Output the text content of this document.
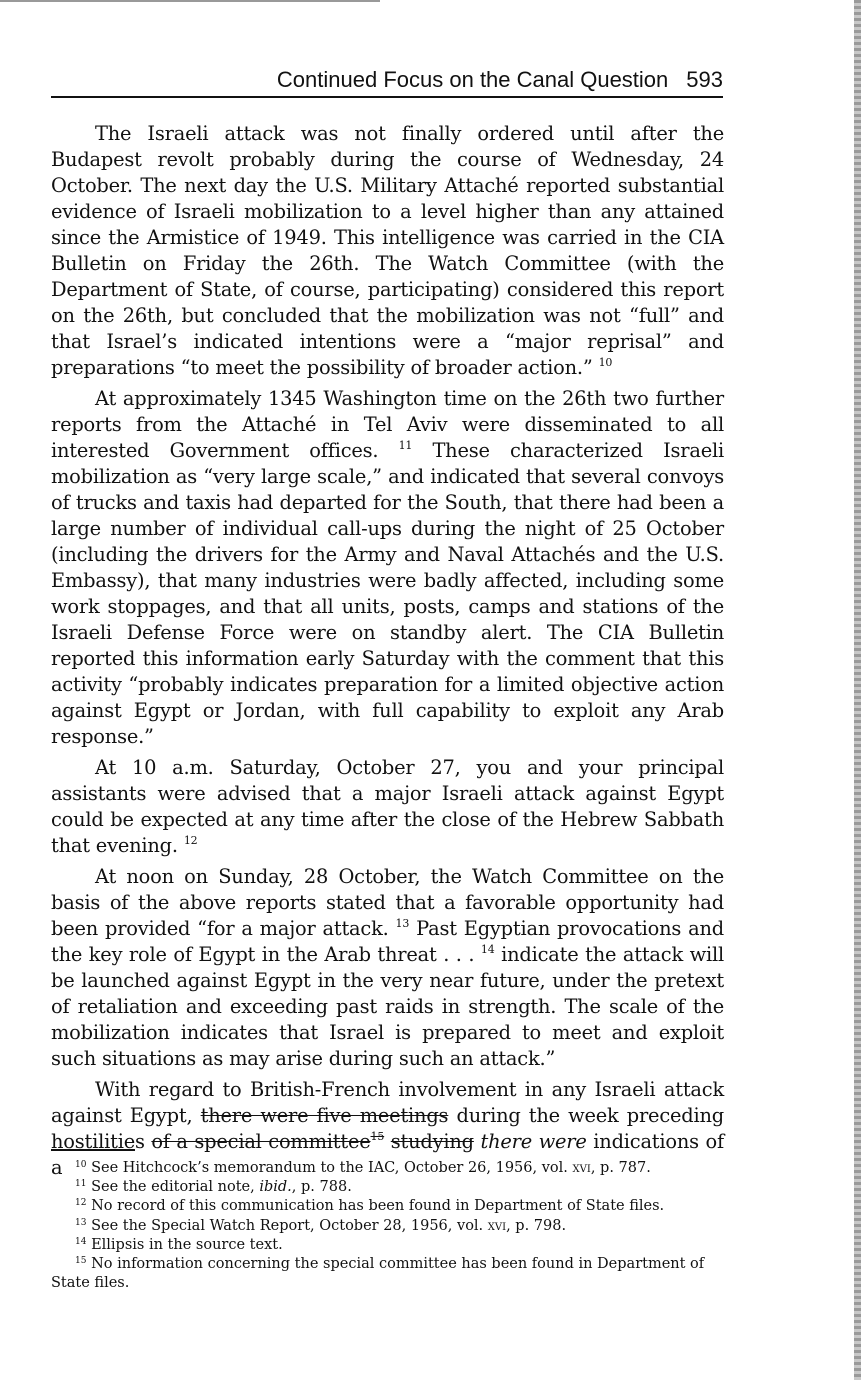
Continued Focus on the Canal Question 593

The Israeli attack was not finally ordered until after the Budapest revolt probably during the course of Wednesday, 24 October. The next day the U.S. Military Attaché reported substantial evidence of Israeli mobilization to a level higher than any attained since the Armistice of 1949. This intelligence was carried in the CIA Bulletin on Friday the 26th. The Watch Committee (with the Department of State, of course, participating) considered this report on the 26th, but concluded that the mobilization was not “full” and that Israel’s indicated intentions were a “major reprisal” and preparations “to meet the possibility of broader action.” $^{10}$

At approximately 1345 Washington time on the 26th two further reports from the Attaché in Tel Aviv were disseminated to all interested Government offices. $^{11}$ These characterized Israeli mobilization as “very large scale,” and indicated that several convoys of trucks and taxis had departed for the South, that there had been a large number of individual call-ups during the night of 25 October (including the drivers for the Army and Naval Attachés and the U.S. Embassy), that many industries were badly affected, including some work stoppages, and that all units, posts, camps and stations of the Israeli Defense Force were on standby alert. The CIA Bulletin reported this information early Saturday with the comment that this activity “probably indicates preparation for a limited objective action against Egypt or Jordan, with full capability to exploit any Arab response.”

At 10 a.m. Saturday, October 27, you and your principal assistants were advised that a major Israeli attack against Egypt could be expected at any time after the close of the Hebrew Sabbath that evening. $^{12}$

At noon on Sunday, 28 October, the Watch Committee on the basis of the above reports stated that a favorable opportunity had been provided “for a major attack. $^{13}$ Past Egyptian provocations and the key role of Egypt in the Arab threat . . . $^{14}$ indicate the attack will be launched against Egypt in the very near future, under the pretext of retaliation and exceeding past raids in strength. The scale of the mobilization indicates that Israel is prepared to meet and exploit such situations as may arise during such an attack.”

With regard to British-French involvement in any Israeli attack against Egypt, there were five meetings during the week preceding hostilities of a special committee$^{15}$ studying there were indications of a	$^{10}$ See Hitchcock’s memorandum to the IAC, October 26, 1956, vol. xvi, p. 787.

$^{11}$ See the editorial note, ibid., p. 788.

$^{12}$ No record of this communication has been found in Department of State files.

$^{13}$ See the Special Watch Report, October 28, 1956, vol. xvi, p. 798.

$^{14}$ Ellipsis in the source text.

$^{15}$ No information concerning the special committee has been found in Department of State files.
